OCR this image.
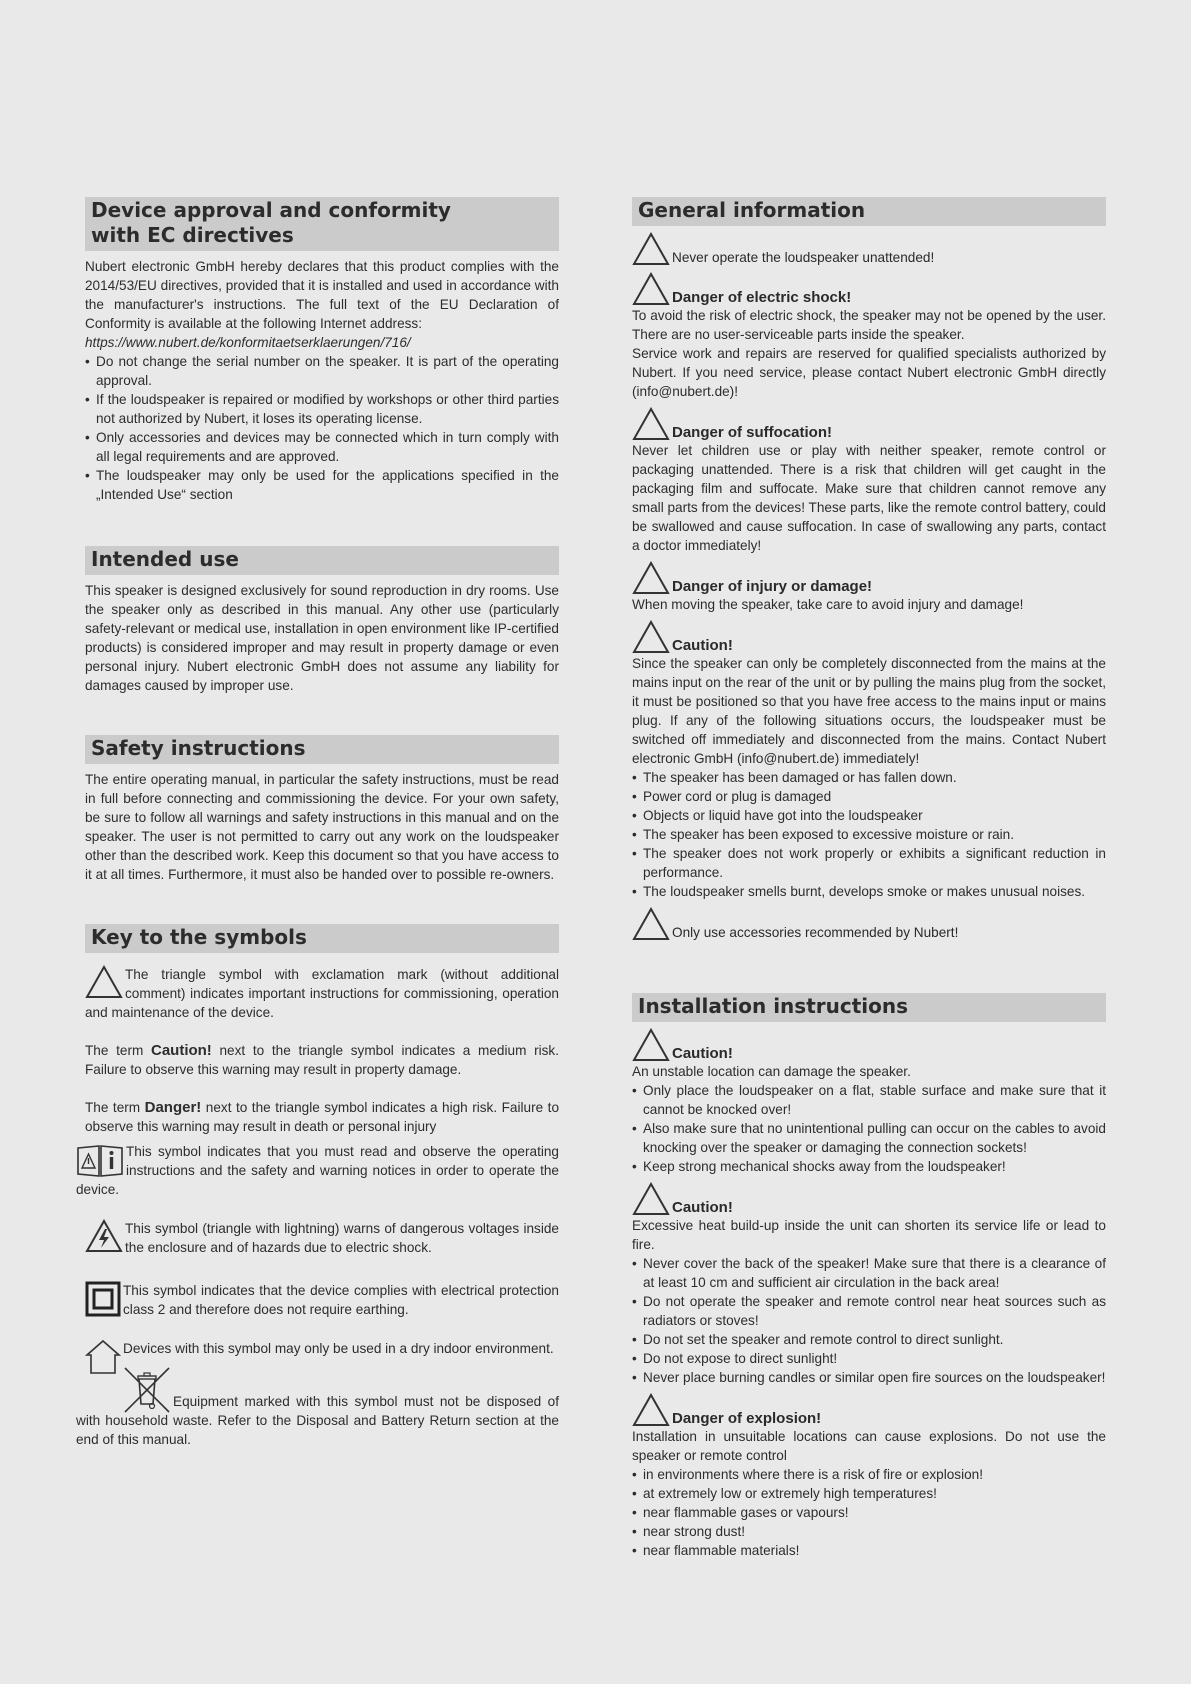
Device approval and conformity
with EC directives

Nubert electronic GmbH hereby declares that this product complies with the 2014/53/EU directives, provided that it is installed and used in accordance with the manufacturer's instructions. The full text of the EU Declaration of Conformity is available at the following Internet address:

https://www.nubert.de/konformitaetserklaerungen/716/

• Do not change the serial number on the speaker. It is part of the operating approval.
• If the loudspeaker is repaired or modified by workshops or other third parties not authorized by Nubert, it loses its operating license.
• Only accessories and devices may be connected which in turn comply with all legal requirements and are approved.
• The loudspeaker may only be used for the applications specified in the „Intended Use“ section
Intended use

This speaker is designed exclusively for sound reproduction in dry rooms. Use the speaker only as described in this manual. Any other use (particularly safety-relevant or medical use, installation in open environment like IP-certified products) is considered improper and may result in property damage or even personal injury. Nubert electronic GmbH does not assume any liability for damages caused by improper use.

Safety instructions

The entire operating manual, in particular the safety instructions, must be read in full before connecting and commissioning the device. For your own safety, be sure to follow all warnings and safety instructions in this manual and on the speaker. The user is not permitted to carry out any work on the loudspeaker other than the described work. Keep this document so that you have access to it at all times. Furthermore, it must also be handed over to possible re-owners.

Key to the symbols

The triangle symbol with exclamation mark (without additional comment) indicates important instructions for commissioning, operation and maintenance of the device.

The term Caution! next to the triangle symbol indicates a medium risk. Failure to observe this warning may result in property damage.

The term Danger! next to the triangle symbol indicates a high risk. Failure to observe this warning may result in death or personal injury

This symbol indicates that you must read and observe the operating instructions and the safety and warning notices in order to operate the device.

This symbol (triangle with lightning) warns of dangerous voltages inside the enclosure and of hazards due to electric shock.

This symbol indicates that the device complies with electrical protection class 2 and therefore does not require earthing.

Devices with this symbol may only be used in a dry indoor environment.

Equipment marked with this symbol must not be disposed of with household waste. Refer to the Disposal and Battery Return section at the end of this manual.

General information
Never operate the loudspeaker unattended!
Danger of electric shock!

To avoid the risk of electric shock, the speaker may not be opened by the user. There are no user-serviceable parts inside the speaker.

Service work and repairs are reserved for qualified specialists authorized by Nubert. If you need service, please contact Nubert electronic GmbH directly (info@nubert.de)!

Danger of suffocation!

Never let children use or play with neither speaker, remote control or packaging unattended. There is a risk that children will get caught in the packaging film and suffocate. Make sure that children cannot remove any small parts from the devices! These parts, like the remote control battery, could be swallowed and cause suffocation. In case of swallowing any parts, contact a doctor immediately!

Danger of injury or damage!

When moving the speaker, take care to avoid injury and damage!

Caution!

Since the speaker can only be completely disconnected from the mains at the mains input on the rear of the unit or by pulling the mains plug from the socket, it must be positioned so that you have free access to the mains input or mains plug. If any of the following situations occurs, the loudspeaker must be switched off immediately and disconnected from the mains. Contact Nubert electronic GmbH (info@nubert.de) immediately!

• The speaker has been damaged or has fallen down.
• Power cord or plug is damaged
• Objects or liquid have got into the loudspeaker
• The speaker has been exposed to excessive moisture or rain.
• The speaker does not work properly or exhibits a significant reduction in performance.
• The loudspeaker smells burnt, develops smoke or makes unusual noises.
Only use accessories recommended by Nubert!
Installation instructions
Caution!

An unstable location can damage the speaker.

• Only place the loudspeaker on a flat, stable surface and make sure that it cannot be knocked over!
• Also make sure that no unintentional pulling can occur on the cables to avoid knocking over the speaker or damaging the connection sockets!
• Keep strong mechanical shocks away from the loudspeaker!
Caution!

Excessive heat build-up inside the unit can shorten its service life or lead to fire.

• Never cover the back of the speaker! Make sure that there is a clearance of at least 10 cm and sufficient air circulation in the back area!
• Do not operate the speaker and remote control near heat sources such as radiators or stoves!
• Do not set the speaker and remote control to direct sunlight.
• Do not expose to direct sunlight!
• Never place burning candles or similar open fire sources on the loudspeaker!
Danger of explosion!

Installation in unsuitable locations can cause explosions. Do not use the speaker or remote control

• in environments where there is a risk of fire or explosion!
• at extremely low or extremely high temperatures!
• near flammable gases or vapours!
• near strong dust!
• near flammable materials!
